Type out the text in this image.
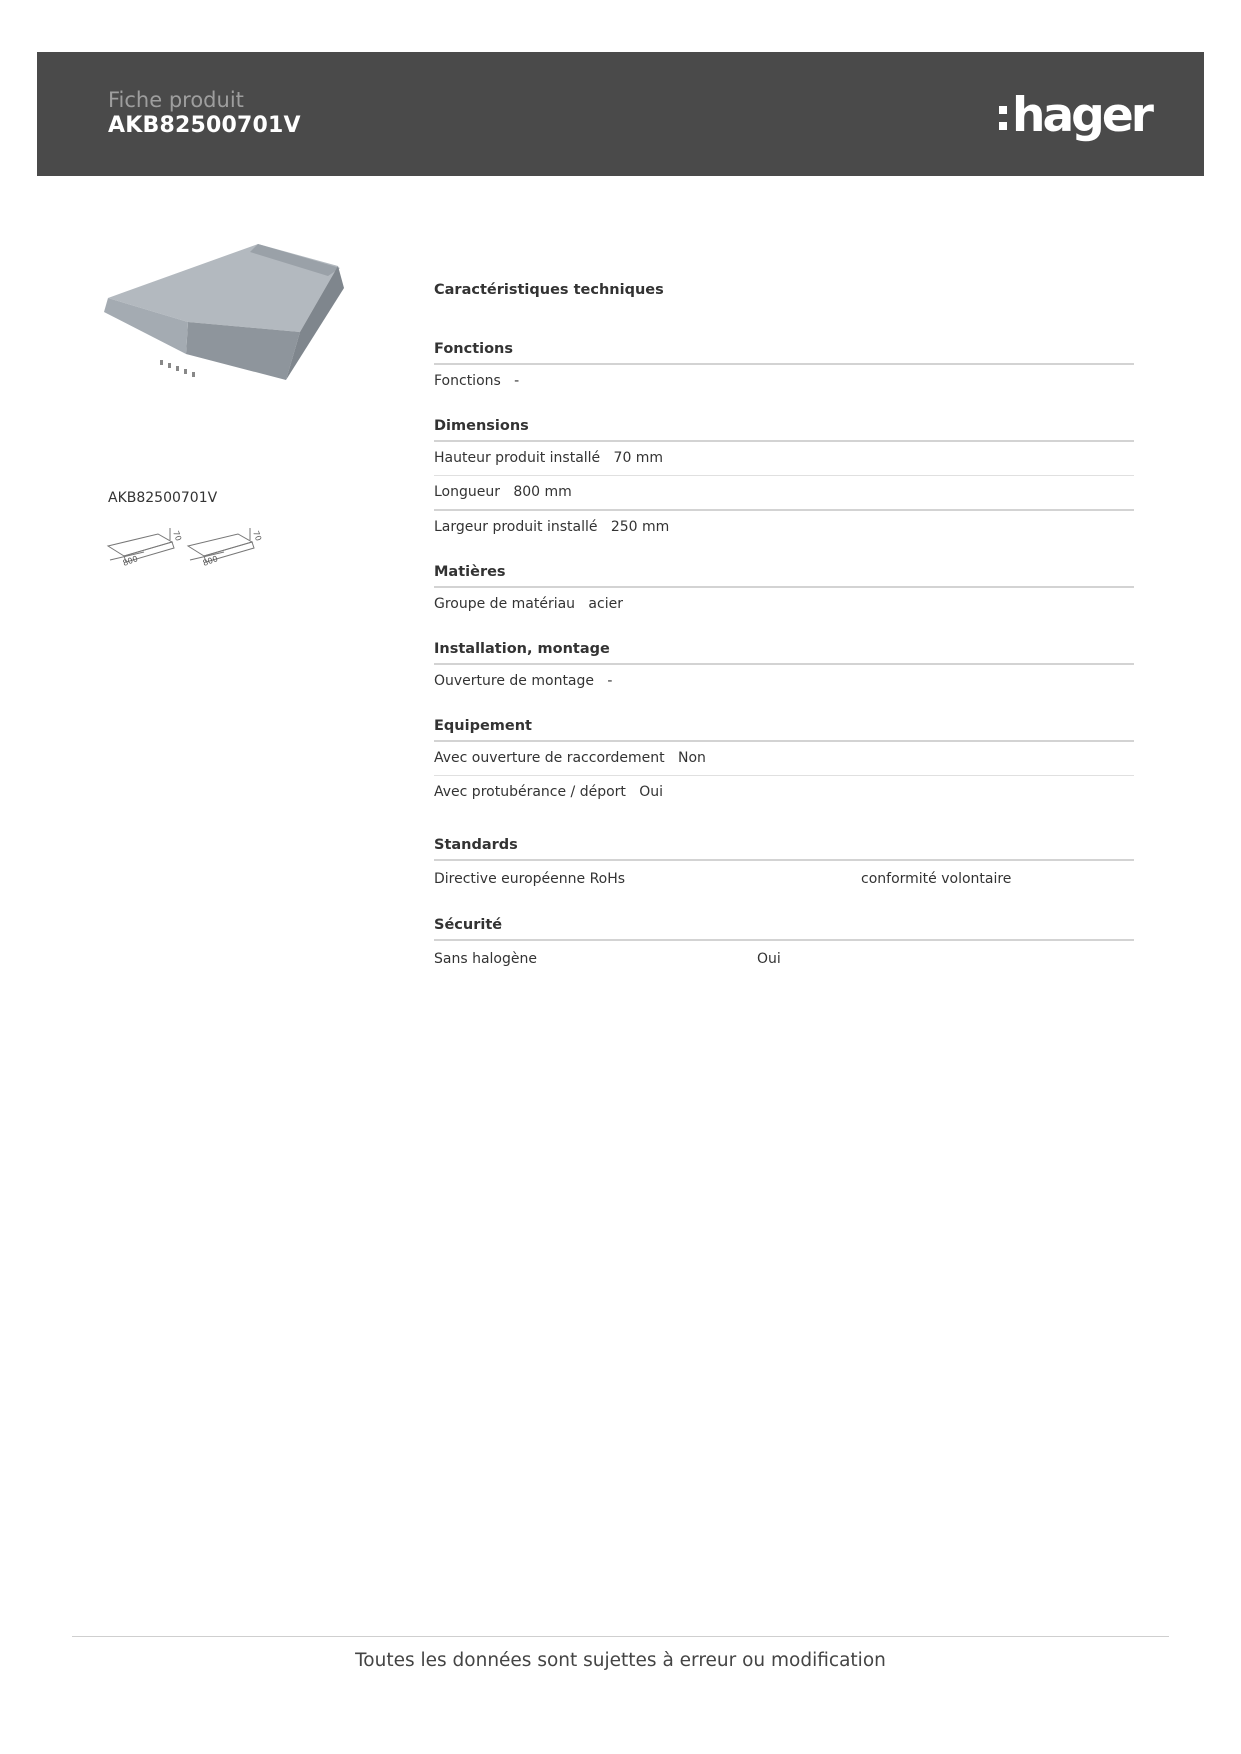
Fiche produit
AKB82500701V	hager
AKB82500701V
800	800
70	70
Caractéristiques techniques
Fonctions
Fonctions -
Dimensions
Hauteur produit installé 70 mm
Longueur 800 mm
Largeur produit installé 250 mm
Matières
Groupe de matériau acier
Installation, montage
Ouverture de montage -
Equipement
Avec ouverture de raccordement Non
Avec protubérance / déport Oui
Standards
Directive européenne RoHs	conformité volontaire
Sécurité
Sans halogène	Oui
Toutes les données sont sujettes à erreur ou modification
